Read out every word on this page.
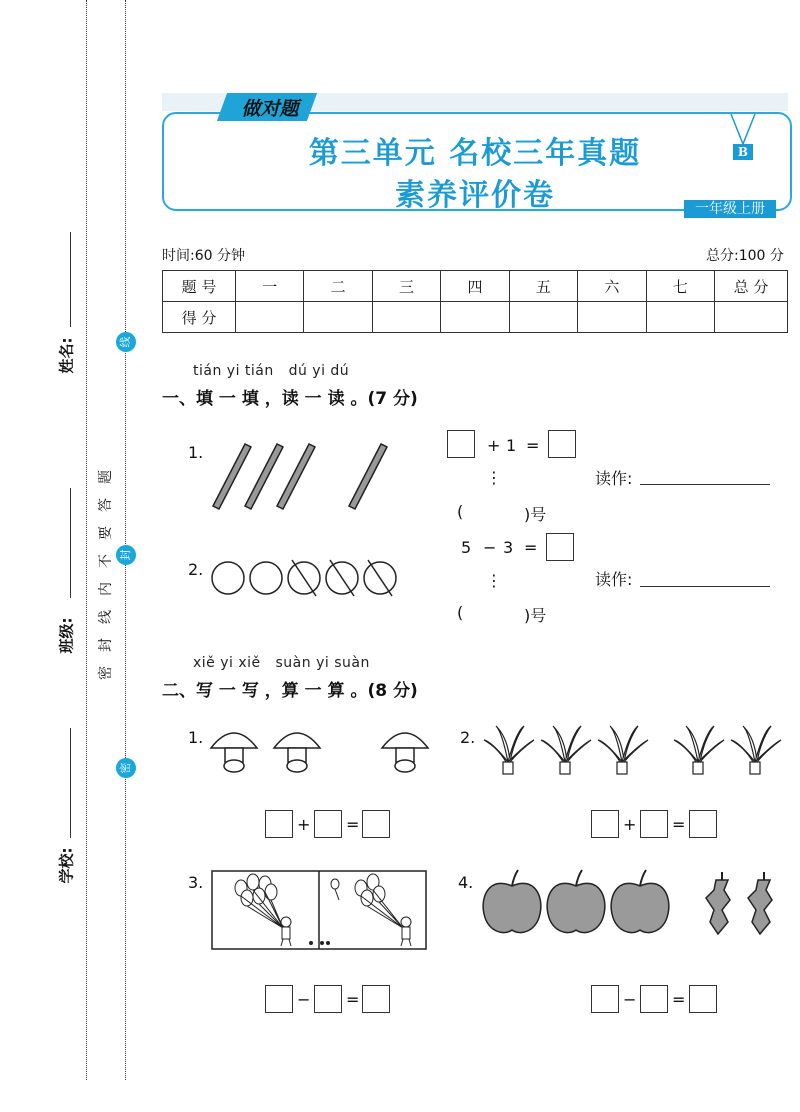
姓名:
班级:
学校:
密封线内不要答题
线
封
密
做对题
第三单元 名校三年真题
素养评价卷
B
一年级上册
时间:60 分钟	总分:100 分
题 号	一	二	三	四	五	六	七	总 分
得 分								
tián yi tián   dú yi dú
一、填 一 填 ，读 一 读 。(7 分)
1.	+ 1 =
⋮	读作:
(	)号
2.
5 − 3 =
⋮	读作:
(	)号
xiě yi xiě   suàn yi suàn
二、写 一 写 ，算 一 算 。(8 分)
1.
+ =
2.
+ =
3.
− =
4.
− =
